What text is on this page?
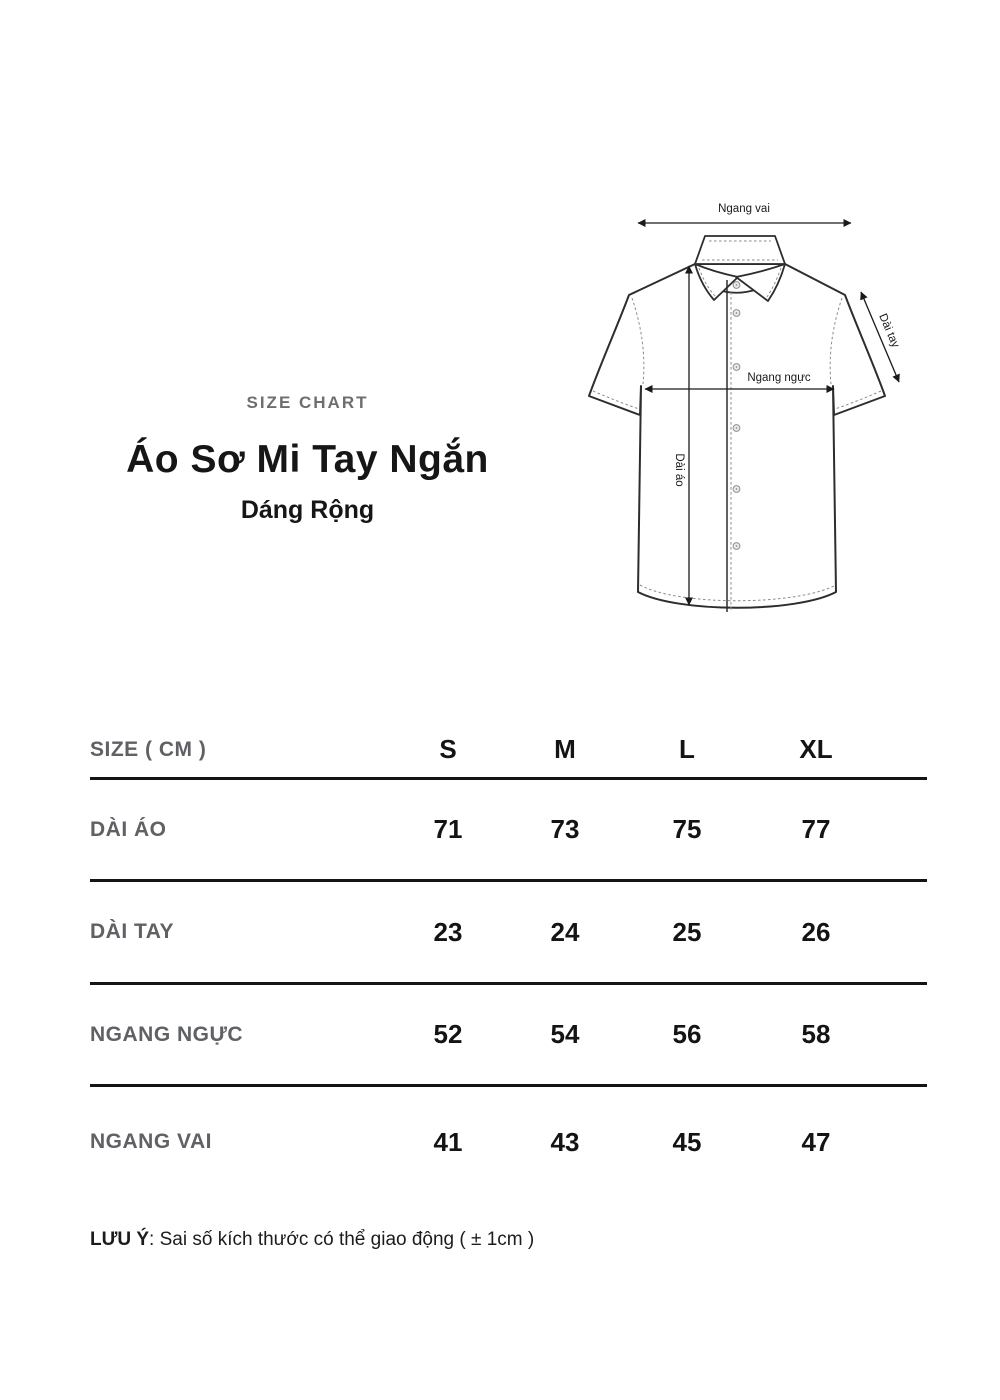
SIZE CHART
Áo Sơ Mi Tay Ngắn
Dáng Rộng
Ngang vai
Ngang ngực
Dài áo
Dài tay
SIZE ( CM )	S	M	L	XL
DÀI ÁO	71	73	75	77
DÀI TAY	23	24	25	26
NGANG NGỰC	52	54	56	58
NGANG VAI	41	43	45	47

LƯU Ý: Sai số kích thước có thể giao động ( ± 1cm )
